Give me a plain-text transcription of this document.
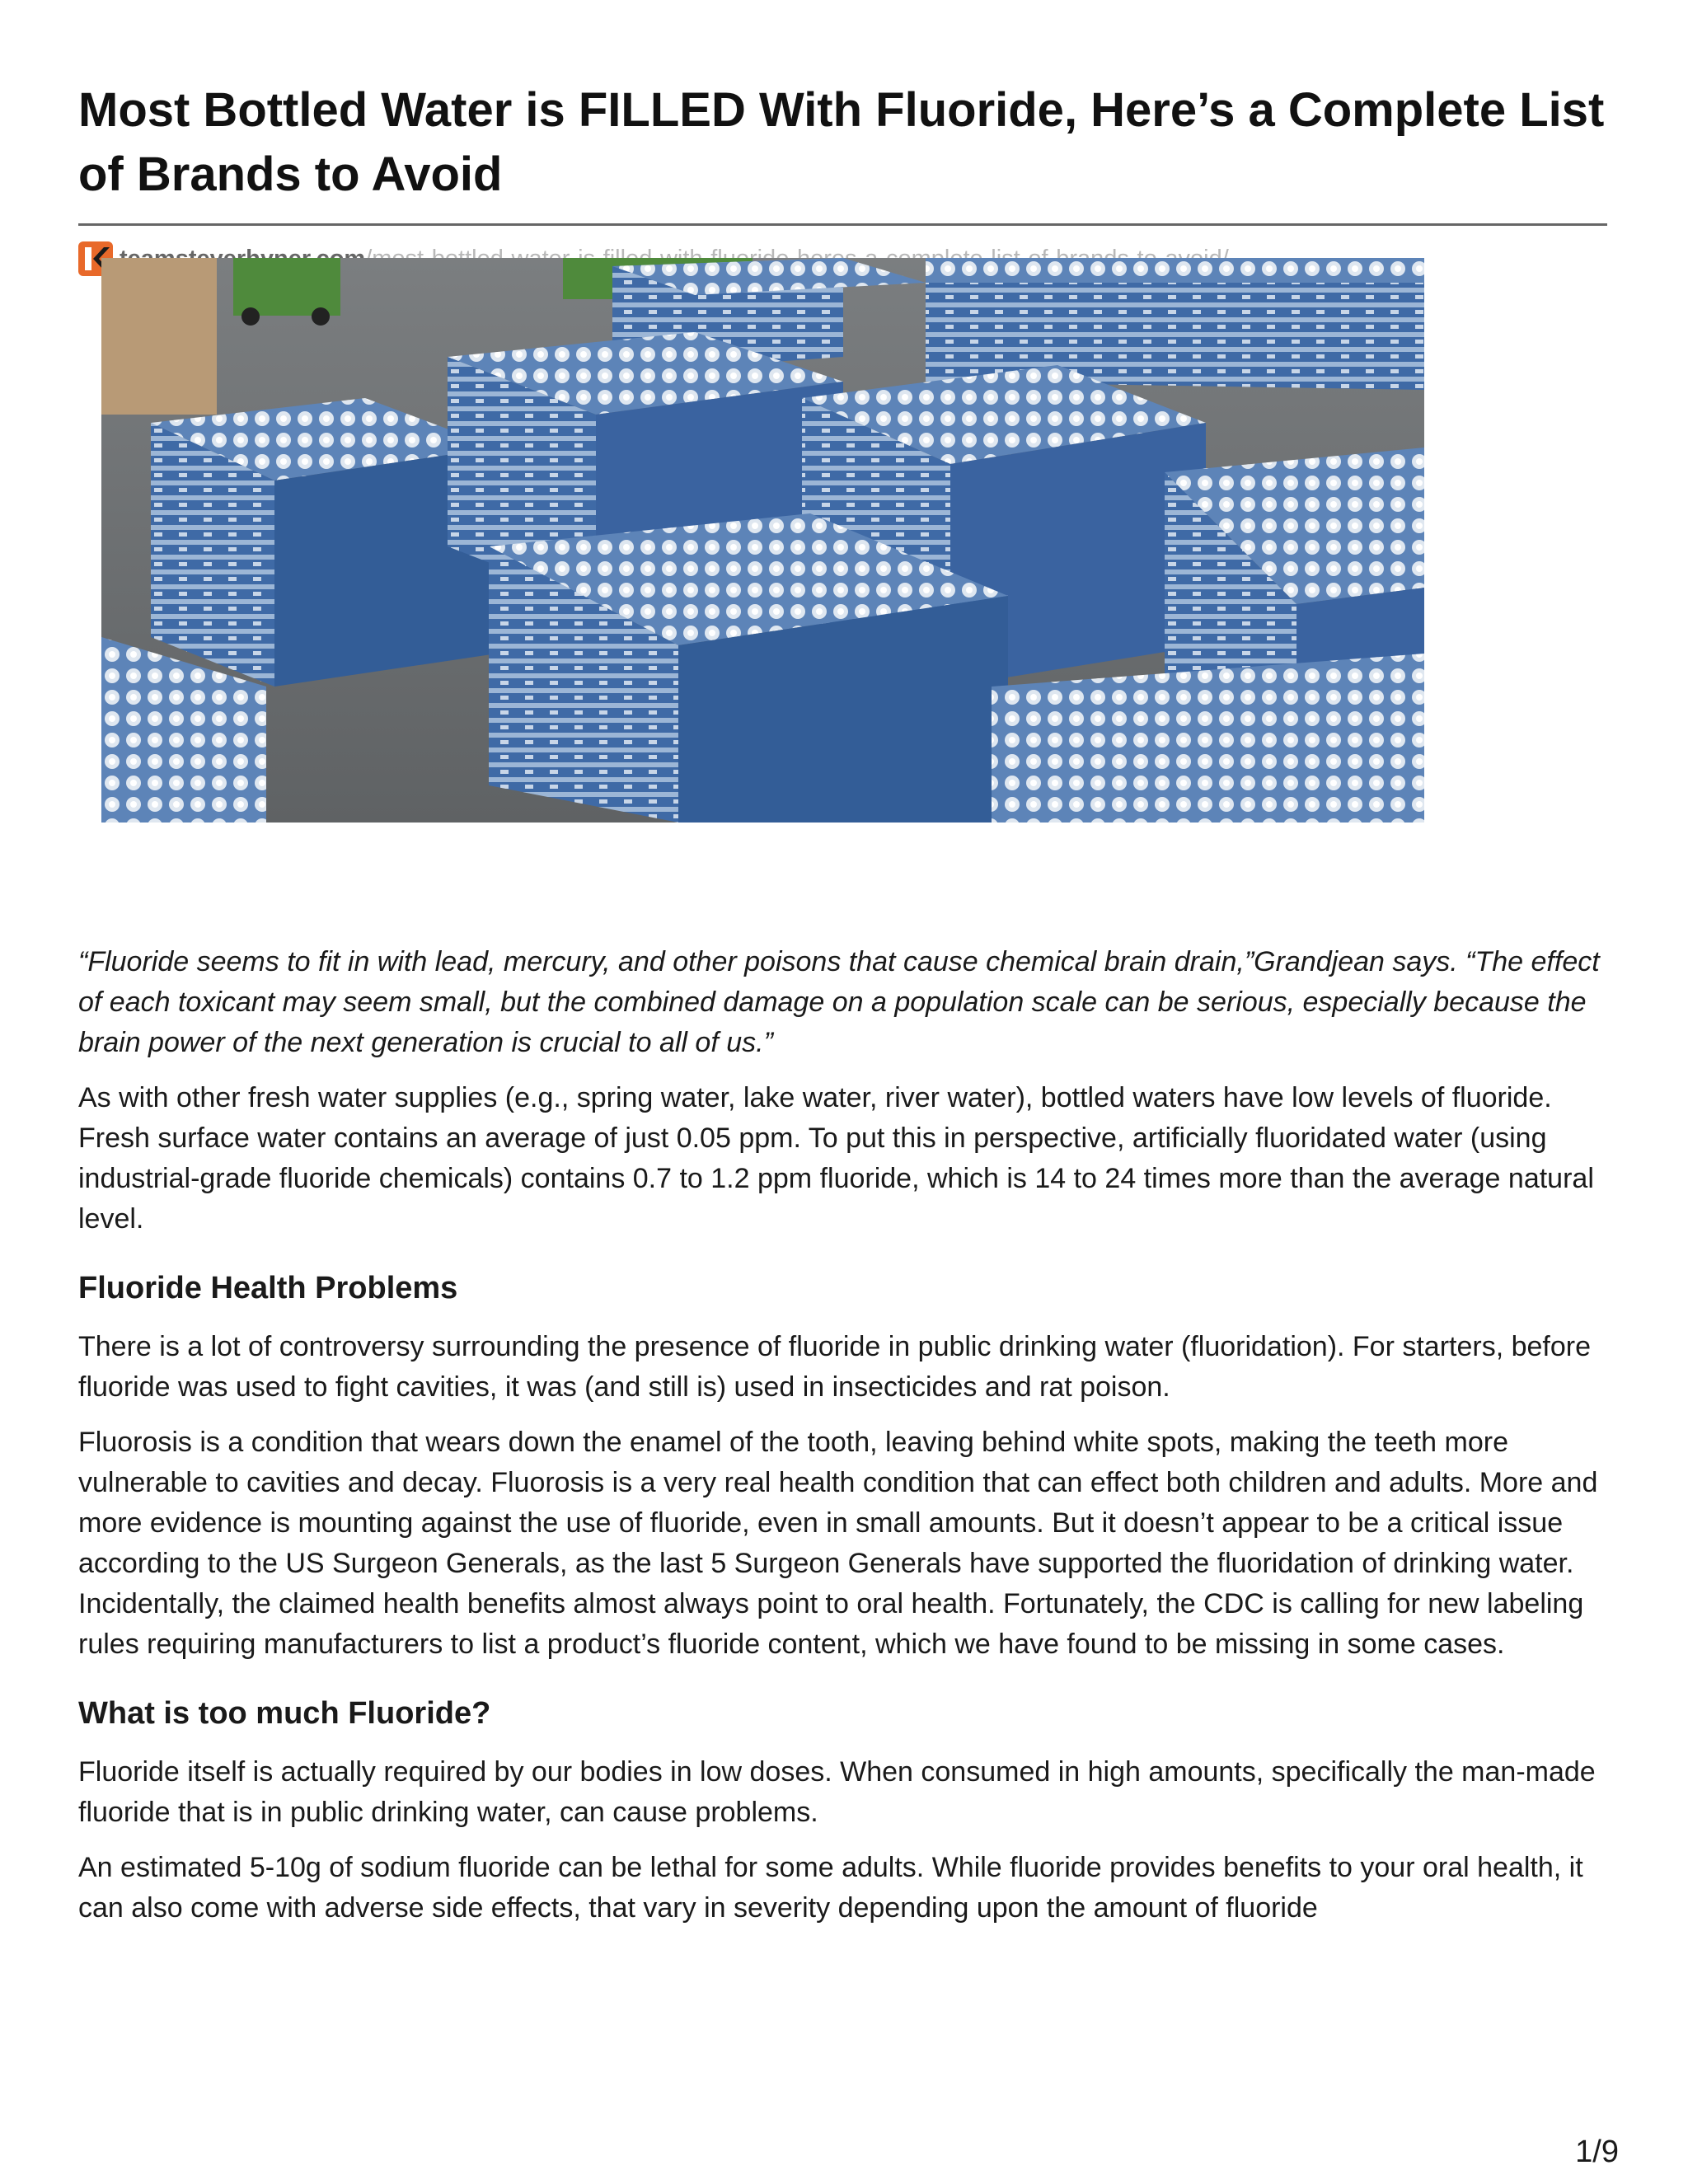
Most Bottled Water is FILLED With Fluoride, Here’s a Complete List of Brands to Avoid

“Fluoride seems to fit in with lead, mercury, and other poisons that cause chemical brain drain,”Grandjean says. “The effect of each toxicant may seem small, but the combined damage on a population scale can be serious, especially because the brain power of the next generation is crucial to all of us.”

As with other fresh water supplies (e.g., spring water, lake water, river water), bottled waters have low levels of fluoride.
Fresh surface water contains an average of just 0.05 ppm. To put this in perspective, artificially fluoridated water (using industrial-grade fluoride chemicals) contains 0.7 to 1.2 ppm fluoride, which is 14 to 24 times more than the average natural level.

Fluoride Health Problems

There is a lot of controversy surrounding the presence of fluoride in public drinking water (fluoridation). For starters, before fluoride was used to fight cavities, it was (and still is) used in insecticides and rat poison.

Fluorosis is a condition that wears down the enamel of the tooth, leaving behind white spots, making the teeth more vulnerable to cavities and decay. Fluorosis is a very real health condition that can effect both children and adults. More and more evidence is mounting against the use of fluoride, even in small amounts. But it doesn’t appear to be a critical issue according to the US Surgeon Generals, as the last 5 Surgeon Generals have supported the fluoridation of drinking water. Incidentally, the claimed health benefits almost always point to oral health. Fortunately, the CDC is calling for new labeling rules requiring manufacturers to list a product’s fluoride content, which we have found to be missing in some cases.

What is too much Fluoride?

Fluoride itself is actually required by our bodies in low doses. When consumed in high amounts, specifically the man-made fluoride that is in public drinking water, can cause problems.

An estimated 5-10g of sodium fluoride can be lethal for some adults. While fluoride provides benefits to your oral health, it can also come with adverse side effects, that vary in severity depending upon the amount of fluoride

1/9
